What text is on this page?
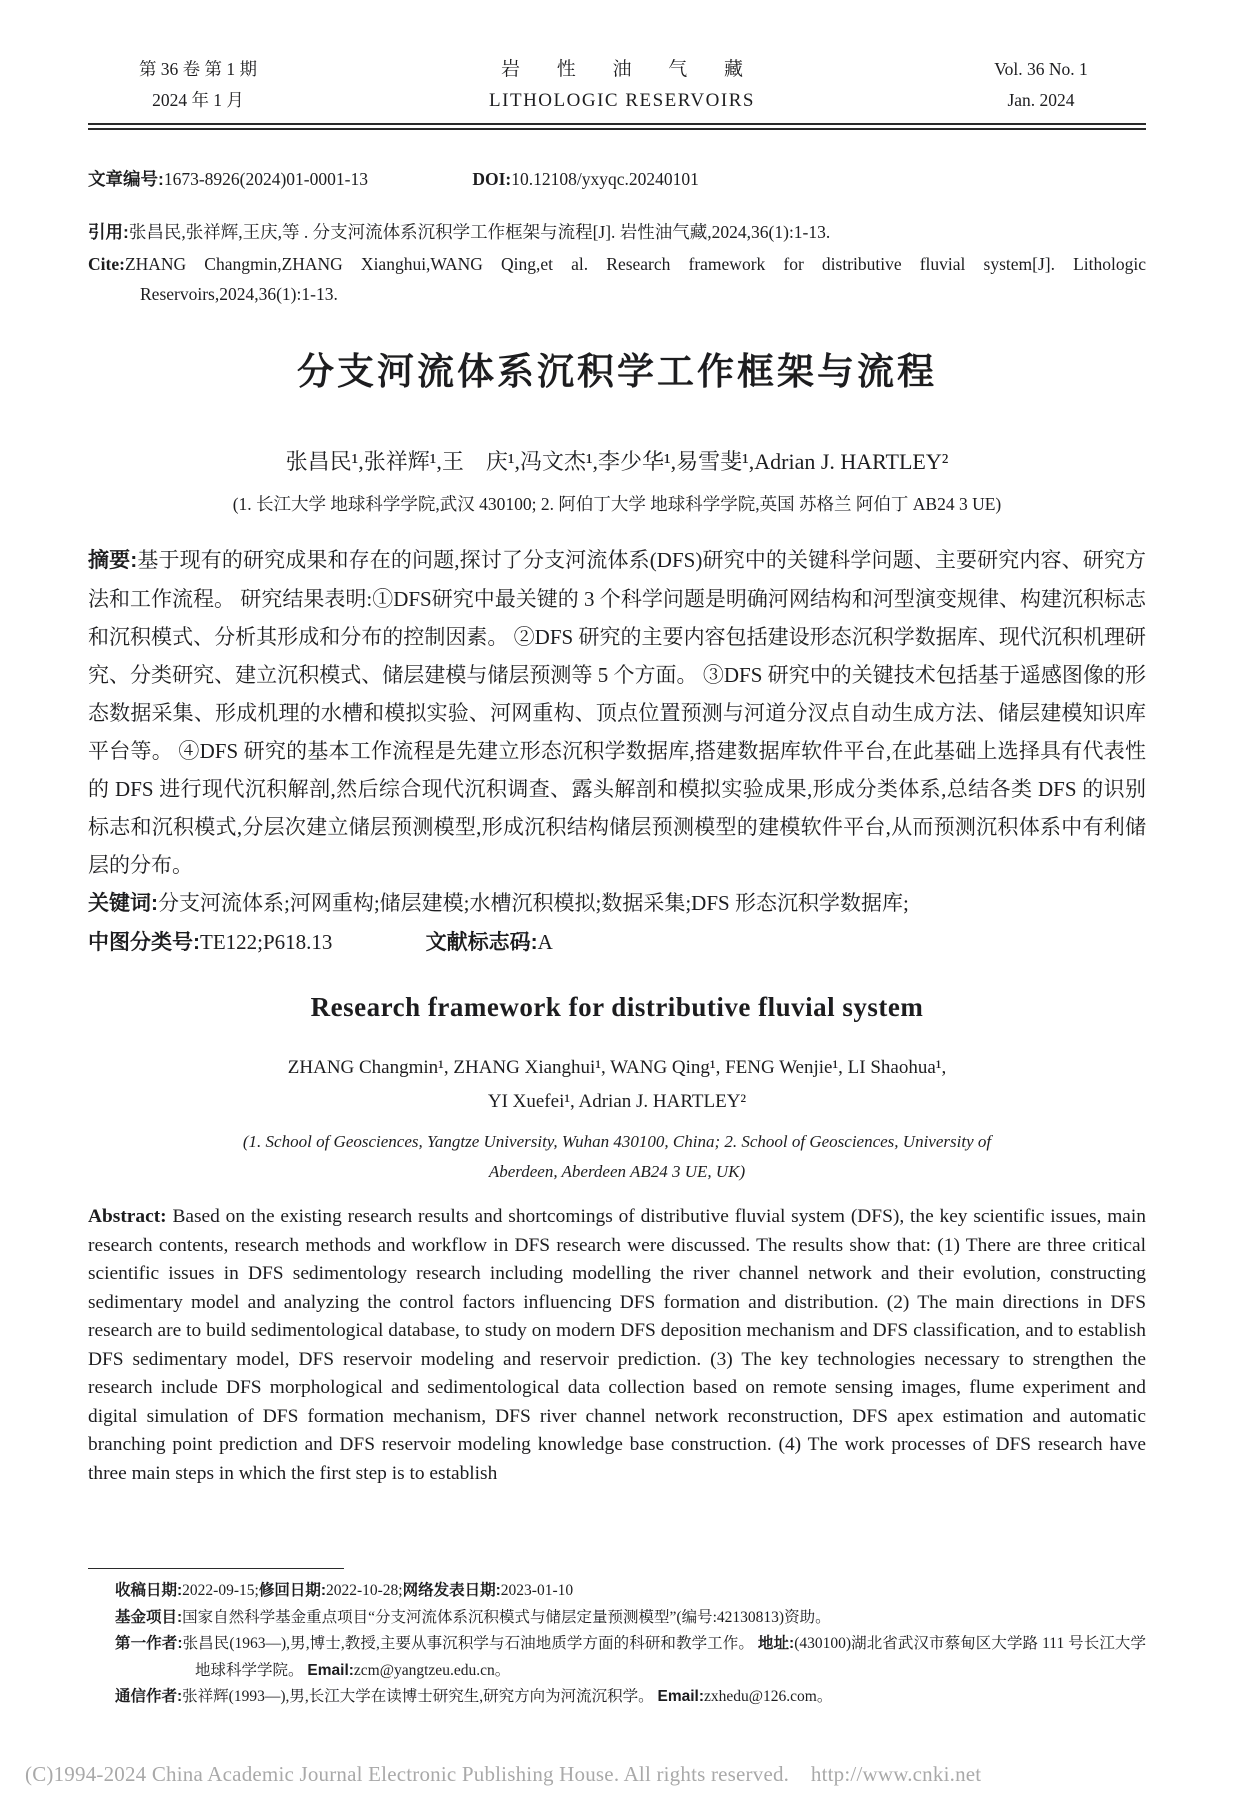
第 36 卷 第 1 期
2024 年 1 月
岩 性 油 气 藏
LITHOLOGIC RESERVOIRS
Vol. 36 No. 1
Jan. 2024
文章编号:1673-8926(2024)01-0001-13	DOI:10.12108/yxyqc.20240101
引用:张昌民,张祥辉,王庆,等 . 分支河流体系沉积学工作框架与流程[J]. 岩性油气藏,2024,36(1):1-13.
Cite:ZHANG Changmin,ZHANG Xianghui,WANG Qing,et al. Research framework for distributive fluvial system[J]. Lithologic Reservoirs,2024,36(1):1-13.
分支河流体系沉积学工作框架与流程
张昌民¹,张祥辉¹,王　庆¹,冯文杰¹,李少华¹,易雪斐¹,Adrian J. HARTLEY²
(1. 长江大学 地球科学学院,武汉 430100; 2. 阿伯丁大学 地球科学学院,英国 苏格兰 阿伯丁 AB24 3 UE)
摘要:基于现有的研究成果和存在的问题,探讨了分支河流体系(DFS)研究中的关键科学问题、主要研究内容、研究方法和工作流程。 研究结果表明:①DFS研究中最关键的 3 个科学问题是明确河网结构和河型演变规律、构建沉积标志和沉积模式、分析其形成和分布的控制因素。 ②DFS 研究的主要内容包括建设形态沉积学数据库、现代沉积机理研究、分类研究、建立沉积模式、储层建模与储层预测等 5 个方面。 ③DFS 研究中的关键技术包括基于遥感图像的形态数据采集、形成机理的水槽和模拟实验、河网重构、顶点位置预测与河道分汊点自动生成方法、储层建模知识库平台等。 ④DFS 研究的基本工作流程是先建立形态沉积学数据库,搭建数据库软件平台,在此基础上选择具有代表性的 DFS 进行现代沉积解剖,然后综合现代沉积调查、露头解剖和模拟实验成果,形成分类体系,总结各类 DFS 的识别标志和沉积模式,分层次建立储层预测模型,形成沉积结构储层预测模型的建模软件平台,从而预测沉积体系中有利储层的分布。
关键词:分支河流体系;河网重构;储层建模;水槽沉积模拟;数据采集;DFS 形态沉积学数据库;
中图分类号:TE122;P618.13	文献标志码:A
Research framework for distributive fluvial system
ZHANG Changmin¹, ZHANG Xianghui¹, WANG Qing¹, FENG Wenjie¹, LI Shaohua¹,
YI Xuefei¹, Adrian J. HARTLEY²
(1. School of Geosciences, Yangtze University, Wuhan 430100, China; 2. School of Geosciences, University of
Aberdeen, Aberdeen AB24 3 UE, UK)
Abstract: Based on the existing research results and shortcomings of distributive fluvial system (DFS), the key scientific issues, main research contents, research methods and workflow in DFS research were discussed. The results show that: (1) There are three critical scientific issues in DFS sedimentology research including modelling the river channel network and their evolution, constructing sedimentary model and analyzing the control factors influencing DFS formation and distribution. (2) The main directions in DFS research are to build sedimentological database, to study on modern DFS deposition mechanism and DFS classification, and to establish DFS sedimentary model, DFS reservoir modeling and reservoir prediction. (3) The key technologies necessary to strengthen the research include DFS morphological and sedimentological data collection based on remote sensing images, flume experiment and digital simulation of DFS formation mechanism, DFS river channel network reconstruction, DFS apex estimation and automatic branching point prediction and DFS reservoir modeling knowledge base construction. (4) The work processes of DFS research have three main steps in which the first step is to establish
收稿日期:2022-09-15;修回日期:2022-10-28;网络发表日期:2023-01-10
基金项目:国家自然科学基金重点项目“分支河流体系沉积模式与储层定量预测模型”(编号:42130813)资助。
第一作者:张昌民(1963—),男,博士,教授,主要从事沉积学与石油地质学方面的科研和教学工作。 地址:(430100)湖北省武汉市蔡甸区大学路 111 号长江大学地球科学学院。 Email:zcm@yangtzeu.edu.cn。
通信作者:张祥辉(1993—),男,长江大学在读博士研究生,研究方向为河流沉积学。 Email:zxhedu@126.com。
(C)1994-2024 China Academic Journal Electronic Publishing House. All rights reserved.    http://www.cnki.net
